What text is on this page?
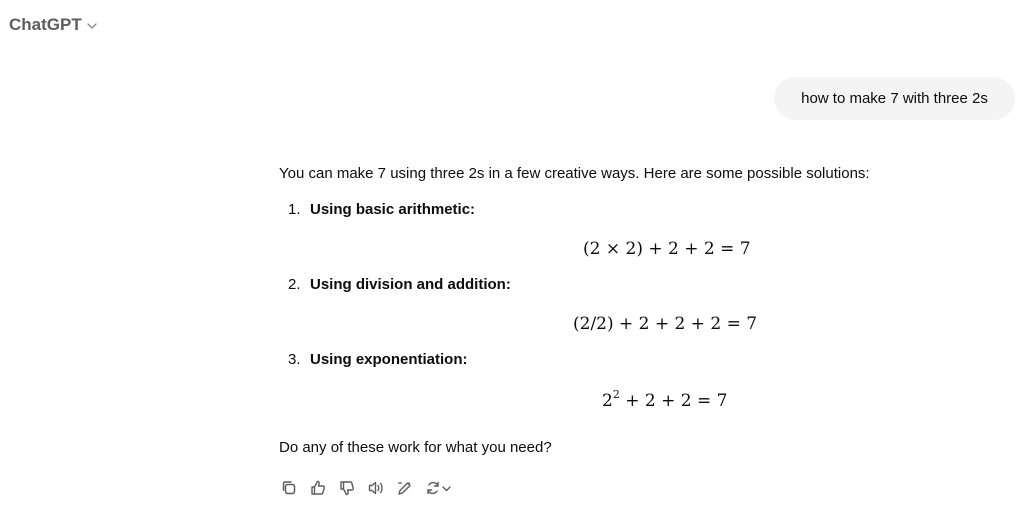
ChatGPT
how to make 7 with three 2s
You can make 7 using three 2s in a few creative ways. Here are some possible solutions:
1. Using basic arithmetic:
(2 × 2) + 2 + 2 = 7
2. Using division and addition:
(2/2) + 2 + 2 + 2 = 7
3. Using exponentiation:
$2^2 + 2 + 2 = 7$
Do any of these work for what you need?
